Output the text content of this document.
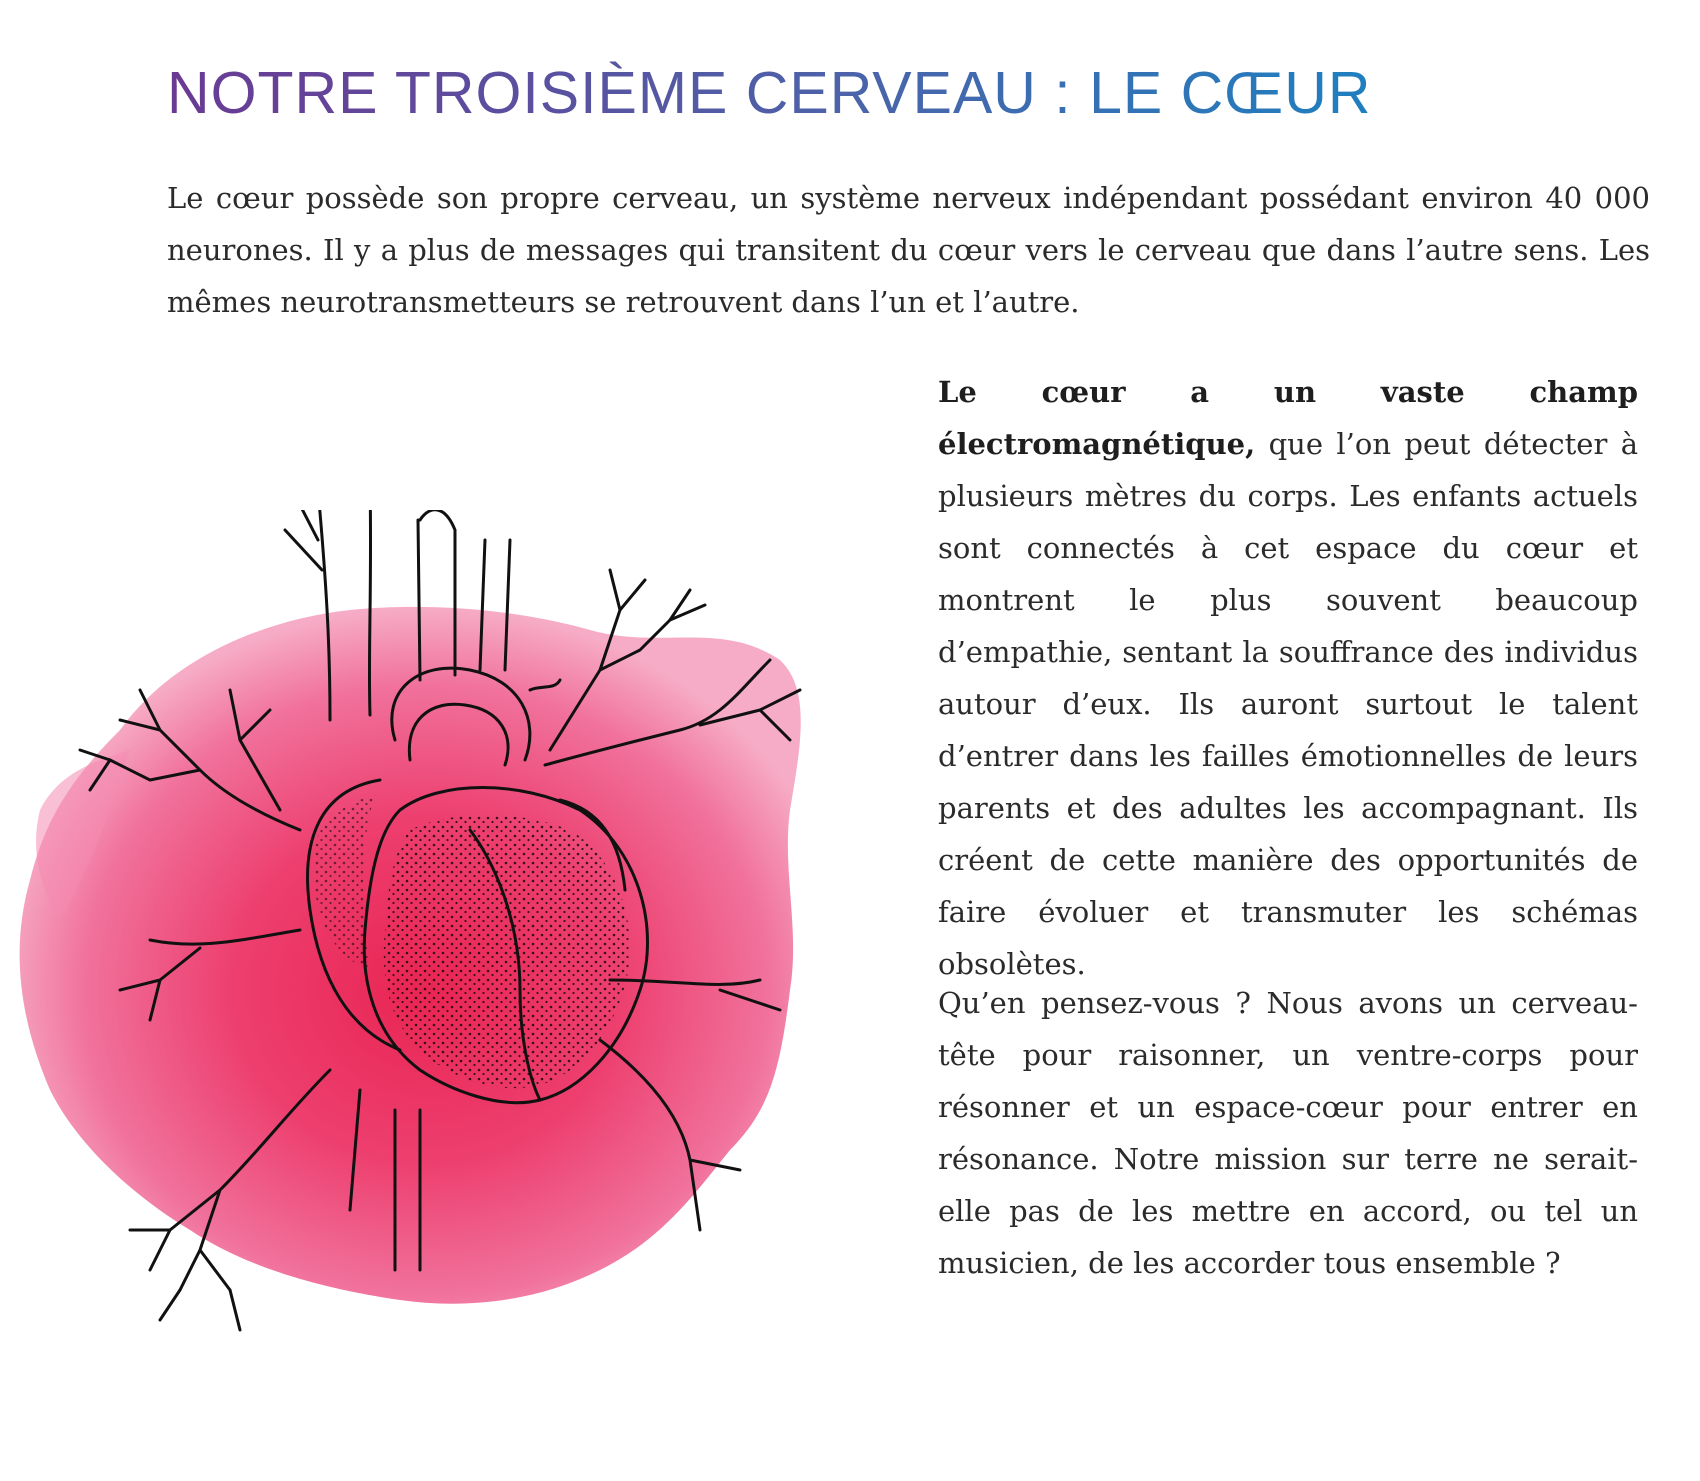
NOTRE TROISIÈME CERVEAU : LE CŒUR

Le cœur possède son propre cerveau, un système nerveux indépendant possédant environ 40 000 neurones. Il y a plus de messages qui transitent du cœur vers le cerveau que dans l’autre sens. Les mêmes neurotransmetteurs se retrouvent dans l’un et l’autre.

Le cœur a un vaste champ électromagnétique, que l’on peut détecter à plusieurs mètres du corps. Les enfants actuels sont connectés à cet espace du cœur et montrent le plus souvent beaucoup d’empathie, sentant la souffrance des individus autour d’eux. Ils auront surtout le talent d’entrer dans les failles émotionnelles de leurs parents et des adultes les accompagnant. Ils créent de cette manière des opportunités de faire évoluer et transmuter les schémas obsolètes.

Qu’en pensez-vous ? Nous avons un cerveau-tête pour raisonner, un ventre-corps pour résonner et un espace-cœur pour entrer en résonance. Notre mission sur terre ne serait-elle pas de les mettre en accord, ou tel un musicien, de les accorder tous ensemble ?
